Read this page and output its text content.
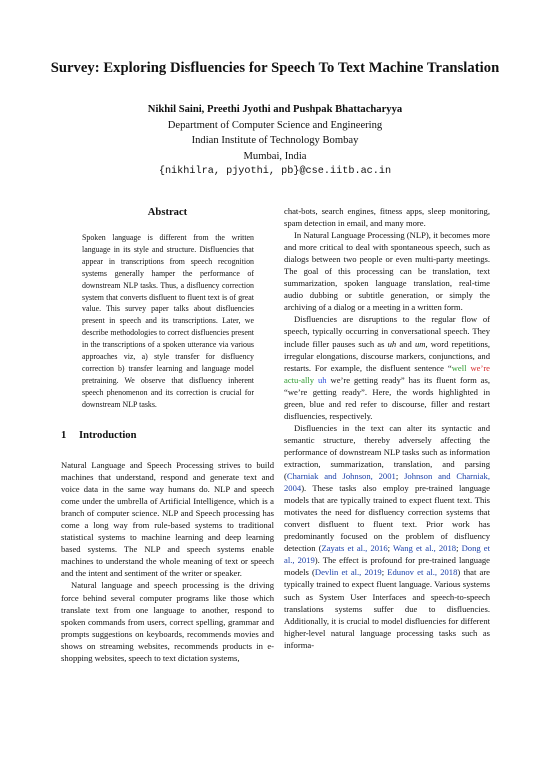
Survey: Exploring Disfluencies for Speech To Text Machine Translation
Nikhil Saini, Preethi Jyothi and Pushpak Bhattacharyya
Department of Computer Science and Engineering
Indian Institute of Technology Bombay
Mumbai, India
{nikhilra, pjyothi, pb}@cse.iitb.ac.in
Abstract
Spoken language is different from the written language in its style and structure. Disfluencies that appear in transcriptions from speech recognition systems generally hamper the performance of downstream NLP tasks. Thus, a disfluency correction system that converts disfluent to fluent text is of great value. This survey paper talks about disfluencies present in speech and its transcriptions. Later, we describe methodologies to correct disfluencies present in the transcriptions of a spoken utterance via various approaches viz, a) style transfer for disfluency correction b) transfer learning and language model pretraining. We observe that disfluency inherent speech phenomenon and its correction is crucial for downstream NLP tasks.
1 Introduction

Natural Language and Speech Processing strives to build machines that understand, respond and generate text and voice data in the same way humans do. NLP and speech come under the umbrella of Artificial Intelligence, which is a branch of computer science. NLP and Speech processing has come a long way from rule-based systems to traditional statistical systems to machine learning and deep learning based systems. The NLP and speech systems enable machines to understand the whole meaning of text or speech and the intent and sentiment of the writer or speaker.

Natural language and speech processing is the driving force behind several computer programs like those which translate text from one language to another, respond to spoken commands from users, correct spelling, grammar and prompts suggestions on keyboards, recommends movies and shows on streaming websites, recommends products in e-shopping websites, speech to text dictation systems,

chat-bots, search engines, fitness apps, sleep monitoring, spam detection in email, and many more.

In Natural Language Processing (NLP), it becomes more and more critical to deal with spontaneous speech, such as dialogs between two people or even multi-party meetings. The goal of this processing can be translation, text summarization, spoken language translation, real-time audio dubbing or subtitle generation, or simply the archiving of a dialog or a meeting in a written form.

Disfluencies are disruptions to the regular flow of speech, typically occurring in conversational speech. They include filler pauses such as uh and um, word repetitions, irregular elongations, discourse markers, conjunctions, and restarts. For example, the disfluent sentence “well we’re actu-ally uh we’re getting ready” has its fluent form as, “we’re getting ready”. Here, the words highlighted in green, blue and red refer to discourse, filler and restart disfluencies, respectively.

Disfluencies in the text can alter its syntactic and semantic structure, thereby adversely affecting the performance of downstream NLP tasks such as information extraction, summarization, translation, and parsing (Charniak and Johnson, 2001; Johnson and Charniak, 2004). These tasks also employ pre-trained language models that are typically trained to expect fluent text. This motivates the need for disfluency correction systems that convert disfluent to fluent text. Prior work has predominantly focused on the problem of disfluency detection (Zayats et al., 2016; Wang et al., 2018; Dong et al., 2019). The effect is profound for pre-trained language models (Devlin et al., 2019; Edunov et al., 2018) that are typically trained to expect fluent language. Various systems such as System User Interfaces and speech-to-speech translations systems suffer due to disfluencies. Additionally, it is crucial to model disfluencies for different higher-level natural language processing tasks such as informa-
